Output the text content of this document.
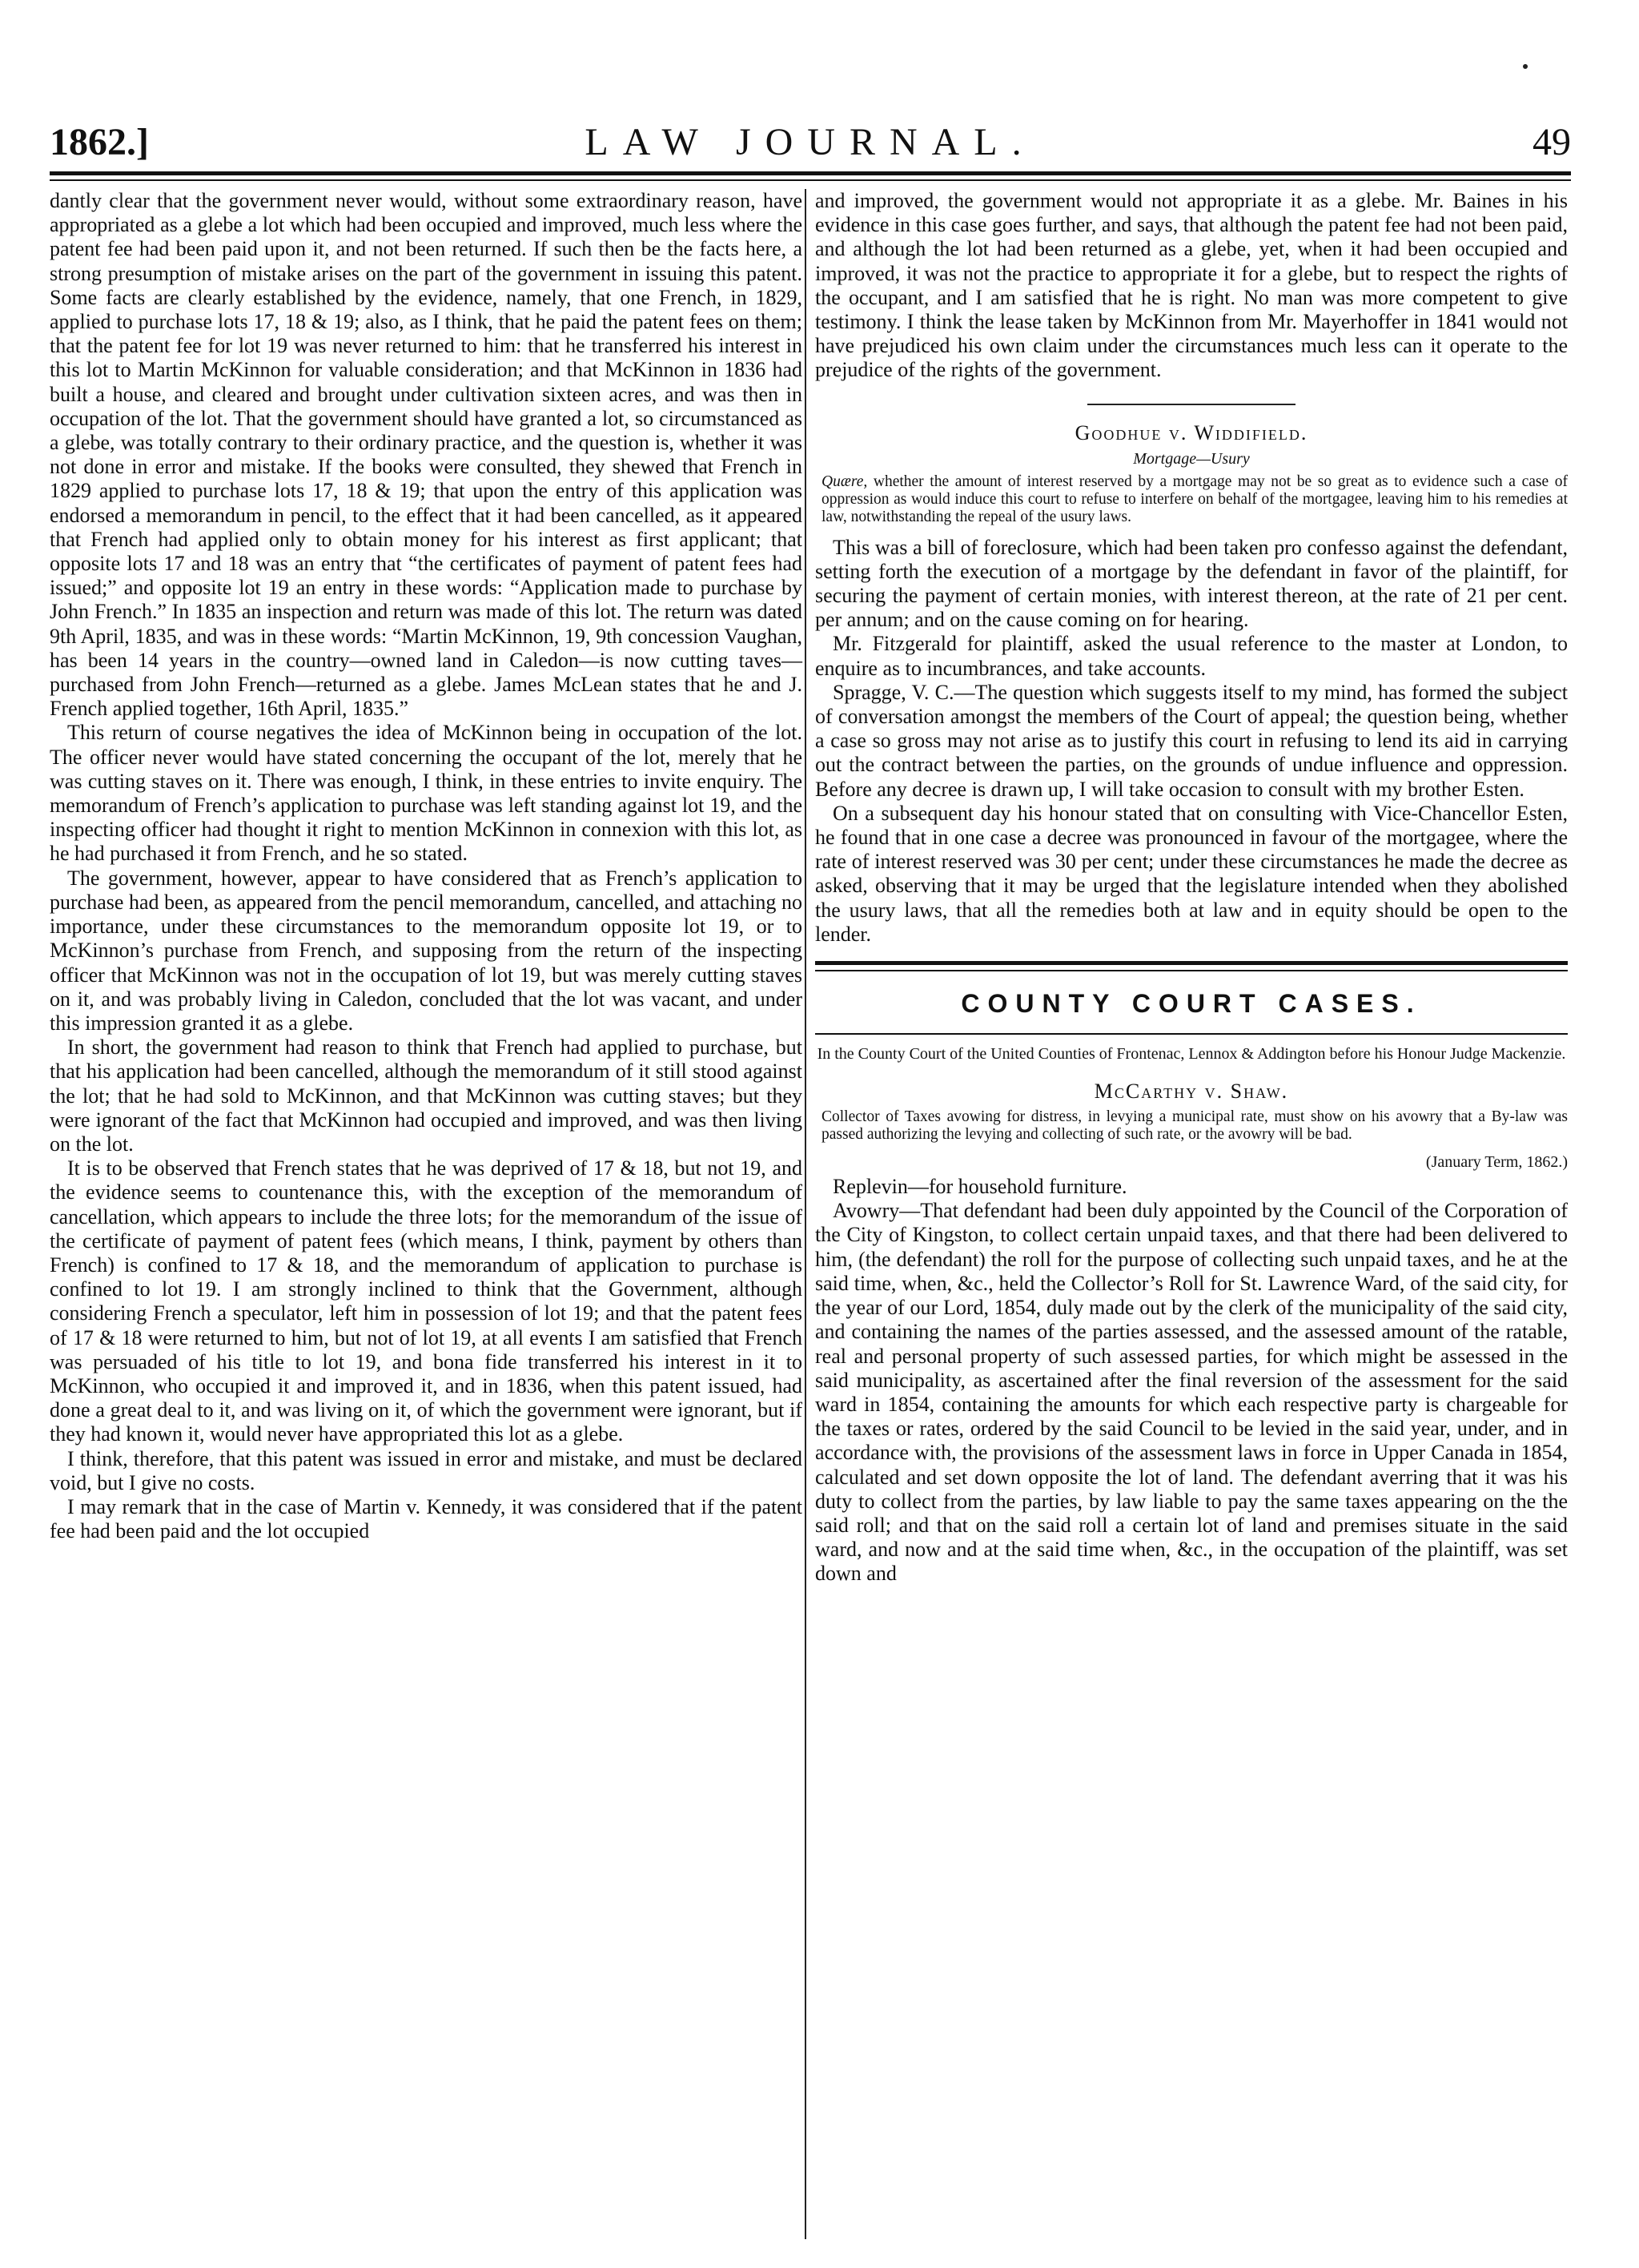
LAW JOURNAL.
1862.]	49

dantly clear that the government never would, without some extraordinary reason, have appropriated as a glebe a lot which had been occupied and improved, much less where the patent fee had been paid upon it, and not been returned. If such then be the facts here, a strong presumption of mistake arises on the part of the government in issuing this patent. Some facts are clearly established by the evidence, namely, that one French, in 1829, applied to purchase lots 17, 18 & 19; also, as I think, that he paid the patent fees on them; that the patent fee for lot 19 was never returned to him: that he transferred his interest in this lot to Martin McKinnon for valuable consideration; and that McKinnon in 1836 had built a house, and cleared and brought under cultivation sixteen acres, and was then in occupation of the lot. That the government should have granted a lot, so circumstanced as a glebe, was totally contrary to their ordinary practice, and the question is, whether it was not done in error and mistake. If the books were consulted, they shewed that French in 1829 applied to purchase lots 17, 18 & 19; that upon the entry of this application was endorsed a memorandum in pencil, to the effect that it had been cancelled, as it appeared that French had applied only to obtain money for his interest as first applicant; that opposite lots 17 and 18 was an entry that “the certificates of payment of patent fees had issued;” and opposite lot 19 an entry in these words: “Application made to purchase by John French.” In 1835 an inspection and return was made of this lot. The return was dated 9th April, 1835, and was in these words: “Martin McKinnon, 19, 9th concession Vaughan, has been 14 years in the country—owned land in Caledon—is now cutting taves—purchased from John French—returned as a glebe. James McLean states that he and J. French applied together, 16th April, 1835.”

This return of course negatives the idea of McKinnon being in occupation of the lot. The officer never would have stated concerning the occupant of the lot, merely that he was cutting staves on it. There was enough, I think, in these entries to invite enquiry. The memorandum of French’s application to purchase was left standing against lot 19, and the inspecting officer had thought it right to mention McKinnon in connexion with this lot, as he had purchased it from French, and he so stated.

The government, however, appear to have considered that as French’s application to purchase had been, as appeared from the pencil memorandum, cancelled, and attaching no importance, under these circumstances to the memorandum opposite lot 19, or to McKinnon’s purchase from French, and supposing from the return of the inspecting officer that McKinnon was not in the occupation of lot 19, but was merely cutting staves on it, and was probably living in Caledon, concluded that the lot was vacant, and under this impression granted it as a glebe.

In short, the government had reason to think that French had applied to purchase, but that his application had been cancelled, although the memorandum of it still stood against the lot; that he had sold to McKinnon, and that McKinnon was cutting staves; but they were ignorant of the fact that McKinnon had occupied and improved, and was then living on the lot.

It is to be observed that French states that he was deprived of 17 & 18, but not 19, and the evidence seems to countenance this, with the exception of the memorandum of cancellation, which appears to include the three lots; for the memorandum of the issue of the certificate of payment of patent fees (which means, I think, payment by others than French) is confined to 17 & 18, and the memorandum of application to purchase is confined to lot 19. I am strongly inclined to think that the Government, although considering French a speculator, left him in possession of lot 19; and that the patent fees of 17 & 18 were returned to him, but not of lot 19, at all events I am satisfied that French was persuaded of his title to lot 19, and bona fide transferred his interest in it to McKinnon, who occupied it and improved it, and in 1836, when this patent issued, had done a great deal to it, and was living on it, of which the government were ignorant, but if they had known it, would never have appropriated this lot as a glebe.

I think, therefore, that this patent was issued in error and mistake, and must be declared void, but I give no costs.

I may remark that in the case of Martin v. Kennedy, it was considered that if the patent fee had been paid and the lot occupied

and improved, the government would not appropriate it as a glebe. Mr. Baines in his evidence in this case goes further, and says, that although the patent fee had not been paid, and although the lot had been returned as a glebe, yet, when it had been occupied and improved, it was not the practice to appropriate it for a glebe, but to respect the rights of the occupant, and I am satisfied that he is right. No man was more competent to give testimony. I think the lease taken by McKinnon from Mr. Mayerhoffer in 1841 would not have prejudiced his own claim under the circumstances much less can it operate to the prejudice of the rights of the government.

Goodhue v. Widdifield.
Mortgage—Usury

Quære, whether the amount of interest reserved by a mortgage may not be so great as to evidence such a case of oppression as would induce this court to refuse to interfere on behalf of the mortgagee, leaving him to his remedies at law, notwithstanding the repeal of the usury laws.

This was a bill of foreclosure, which had been taken pro confesso against the defendant, setting forth the execution of a mortgage by the defendant in favor of the plaintiff, for securing the payment of certain monies, with interest thereon, at the rate of 21 per cent. per annum; and on the cause coming on for hearing.

Mr. Fitzgerald for plaintiff, asked the usual reference to the master at London, to enquire as to incumbrances, and take accounts.

Spragge, V. C.—The question which suggests itself to my mind, has formed the subject of conversation amongst the members of the Court of appeal; the question being, whether a case so gross may not arise as to justify this court in refusing to lend its aid in carrying out the contract between the parties, on the grounds of undue influence and oppression. Before any decree is drawn up, I will take occasion to consult with my brother Esten.

On a subsequent day his honour stated that on consulting with Vice-Chancellor Esten, he found that in one case a decree was pronounced in favour of the mortgagee, where the rate of interest reserved was 30 per cent; under these circumstances he made the decree as asked, observing that it may be urged that the legislature intended when they abolished the usury laws, that all the remedies both at law and in equity should be open to the lender.

COUNTY COURT CASES.
In the County Court of the United Counties of Frontenac, Lennox & Addington before his Honour Judge Mackenzie.
McCarthy v. Shaw.

Collector of Taxes avowing for distress, in levying a municipal rate, must show on his avowry that a By-law was passed authorizing the levying and collecting of such rate, or the avowry will be bad.

(January Term, 1862.)

Replevin—for household furniture.

Avowry—That defendant had been duly appointed by the Council of the Corporation of the City of Kingston, to collect certain unpaid taxes, and that there had been delivered to him, (the defendant) the roll for the purpose of collecting such unpaid taxes, and he at the said time, when, &c., held the Collector’s Roll for St. Lawrence Ward, of the said city, for the year of our Lord, 1854, duly made out by the clerk of the municipality of the said city, and containing the names of the parties assessed, and the assessed amount of the ratable, real and personal property of such assessed parties, for which might be assessed in the said municipality, as ascertained after the final reversion of the assessment for the said ward in 1854, containing the amounts for which each respective party is chargeable for the taxes or rates, ordered by the said Council to be levied in the said year, under, and in accordance with, the provisions of the assessment laws in force in Upper Canada in 1854, calculated and set down opposite the lot of land. The defendant averring that it was his duty to collect from the parties, by law liable to pay the same taxes appearing on the the said roll; and that on the said roll a certain lot of land and premises situate in the said ward, and now and at the said time when, &c., in the occupation of the plaintiff, was set down and
